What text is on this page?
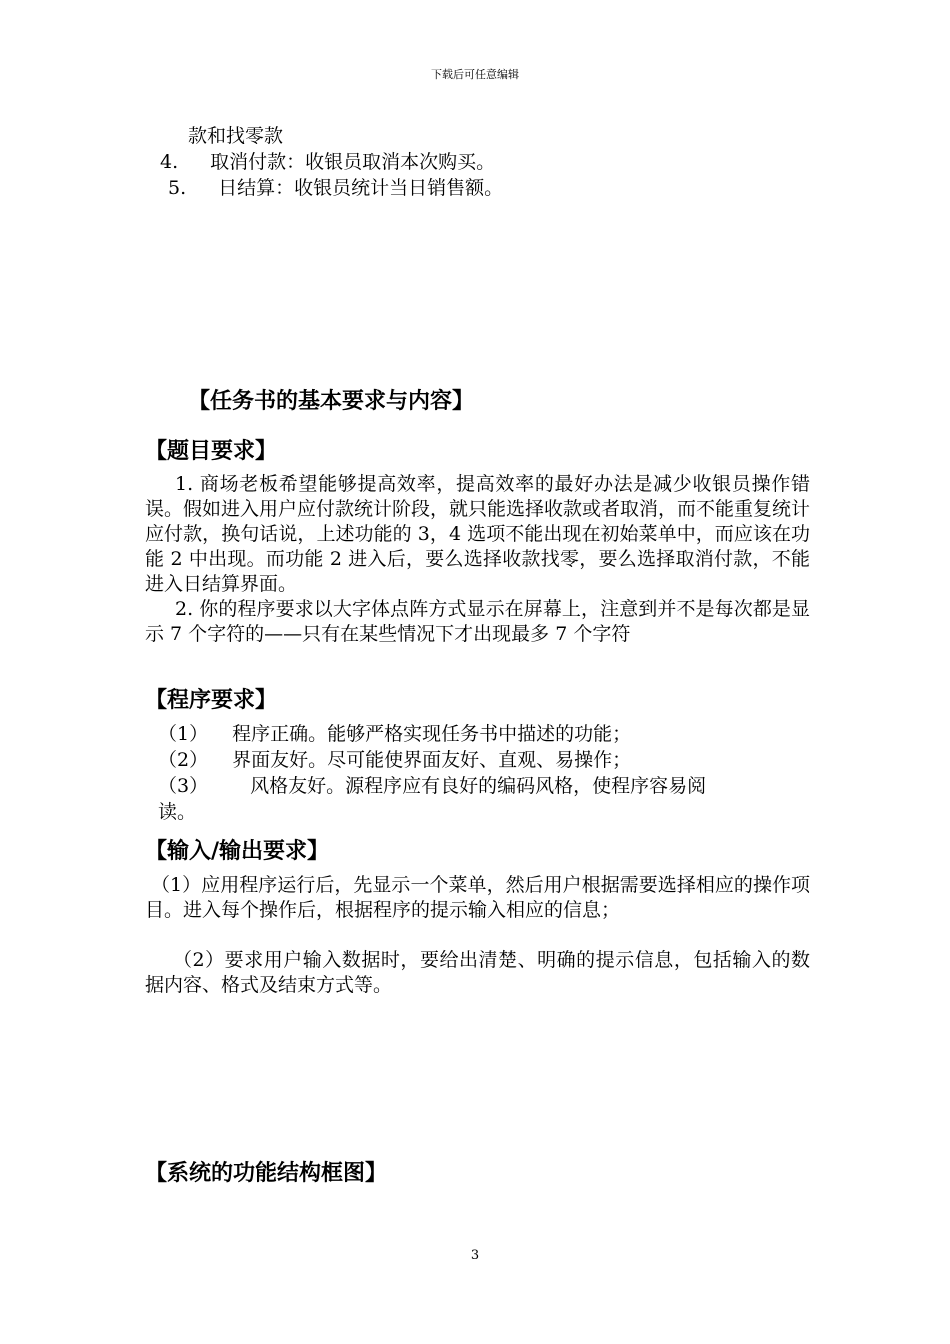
下载后可任意编辑
款和找零款
4. 取消付款：收银员取消本次购买。
5. 日结算：收银员统计当日销售额。
【任务书的基本要求与内容】
【题目要求】
1. 商场老板希望能够提高效率，提高效率的最好办法是减少收银员操作错误。假如进入用户应付款统计阶段，就只能选择收款或者取消，而不能重复统计应付款，换句话说，上述功能的 3，4 选项不能出现在初始菜单中，而应该在功能 2 中出现。而功能 2 进入后，要么选择收款找零，要么选择取消付款，不能进入日结算界面。
2. 你的程序要求以大字体点阵方式显示在屏幕上，注意到并不是每次都是显示 7 个字符的——只有在某些情况下才出现最多 7 个字符
【程序要求】
（1） 程序正确。能够严格实现任务书中描述的功能；
（2） 界面友好。尽可能使界面友好、直观、易操作；
（3） 风格友好。源程序应有良好的编码风格，使程序容易阅
读。
【输入/输出要求】
（1）应用程序运行后，先显示一个菜单，然后用户根据需要选择相应的操作项目。进入每个操作后，根据程序的提示输入相应的信息；
（2）要求用户输入数据时，要给出清楚、明确的提示信息，包括输入的数据内容、格式及结束方式等。
【系统的功能结构框图】
3
